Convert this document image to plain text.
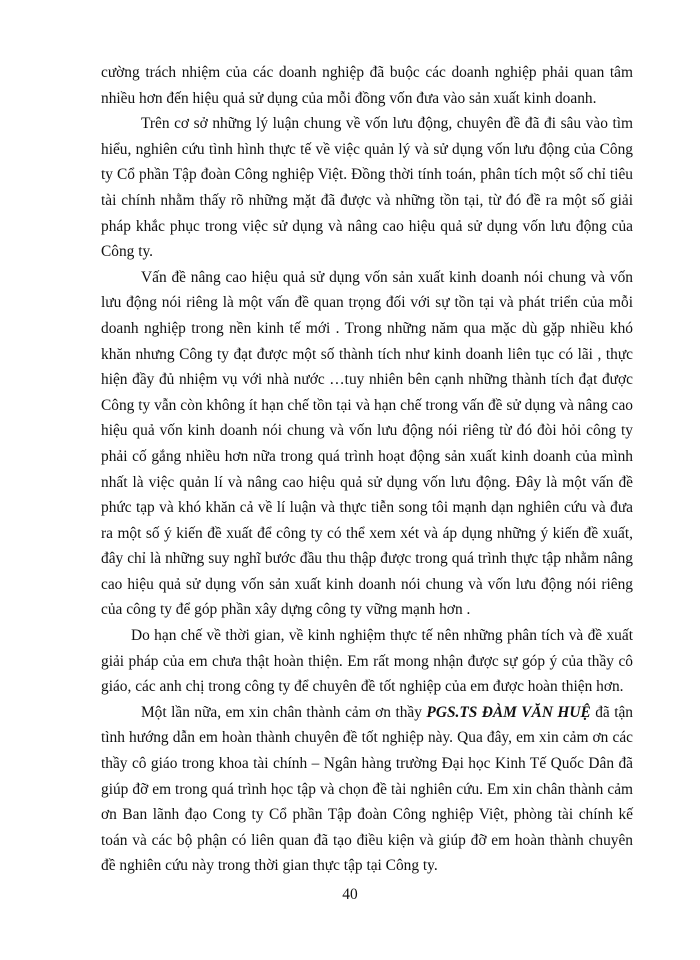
cường trách nhiệm của các doanh nghiệp đã buộc các doanh nghiệp phải quan tâm nhiều hơn đến hiệu quả sử dụng của mỗi đồng vốn đưa vào sản xuất kinh doanh.

Trên cơ sở những lý luận chung về vốn lưu động, chuyên đề đã đi sâu vào tìm hiểu, nghiên cứu tình hình thực tế về việc quản lý và sử dụng vốn lưu động của Công ty Cổ phần Tập đoàn Công nghiệp Việt. Đồng thời tính toán, phân tích một số chỉ tiêu tài chính nhằm thấy rõ những mặt đã được và những tồn tại, từ đó đề ra một số giải pháp khắc phục trong việc sử dụng và nâng cao hiệu quả sử dụng vốn lưu động của Công ty.

Vấn đề nâng cao hiệu quả sử dụng vốn sản xuất kinh doanh nói chung và vốn lưu động nói riêng là một vấn đề quan trọng đối với sự tồn tại và phát triển của mỗi doanh nghiệp trong nền kinh tế mới . Trong những năm qua mặc dù gặp nhiều khó khăn nhưng Công ty đạt được một số thành tích như kinh doanh liên tục có lãi , thực hiện đầy đủ nhiệm vụ với nhà nước …tuy nhiên bên cạnh những thành tích đạt được Công ty vẫn còn không ít hạn chế tồn tại và hạn chế trong vấn đề sử dụng và nâng cao hiệu quả vốn kinh doanh nói chung và vốn lưu động nói riêng từ đó đòi hỏi công ty phải cố gắng nhiều hơn nữa trong quá trình hoạt động sản xuất kinh doanh của mình nhất là việc quản lí và nâng cao hiệu quả sử dụng vốn lưu động. Đây là một vấn đề phức tạp và khó khăn cả về lí luận và thực tiễn song tôi mạnh dạn nghiên cứu và đưa ra một số ý kiến đề xuất để công ty có thể xem xét và áp dụng những ý kiến đề xuất, đây chỉ là những suy nghĩ bước đầu thu thập được trong quá trình thực tập nhằm nâng cao hiệu quả sử dụng vốn sản xuất kinh doanh nói chung và vốn lưu động nói riêng của công ty để góp phần xây dựng công ty vững mạnh hơn .

Do hạn chế về thời gian, về kinh nghiệm thực tế nên những phân tích và đề xuất giải pháp của em chưa thật hoàn thiện. Em rất mong nhận được sự góp ý của thầy cô giáo, các anh chị trong công ty để chuyên đề tốt nghiệp của em được hoàn thiện hơn.

Một lần nữa, em xin chân thành cảm ơn thầy PGS.TS ĐÀM VĂN HUỆ đã tận tình hướng dẫn em hoàn thành chuyên đề tốt nghiệp này. Qua đây, em xin cảm ơn các thầy cô giáo trong khoa tài chính – Ngân hàng trường Đại học Kinh Tế Quốc Dân đã giúp đỡ em trong quá trình học tập và chọn đề tài nghiên cứu. Em xin chân thành cảm ơn Ban lãnh đạo Cong ty Cổ phần Tập đoàn Công nghiệp Việt, phòng tài chính kế toán và các bộ phận có liên quan đã tạo điều kiện và giúp đỡ em hoàn thành chuyên đề nghiên cứu này trong thời gian thực tập tại Công ty.

40
